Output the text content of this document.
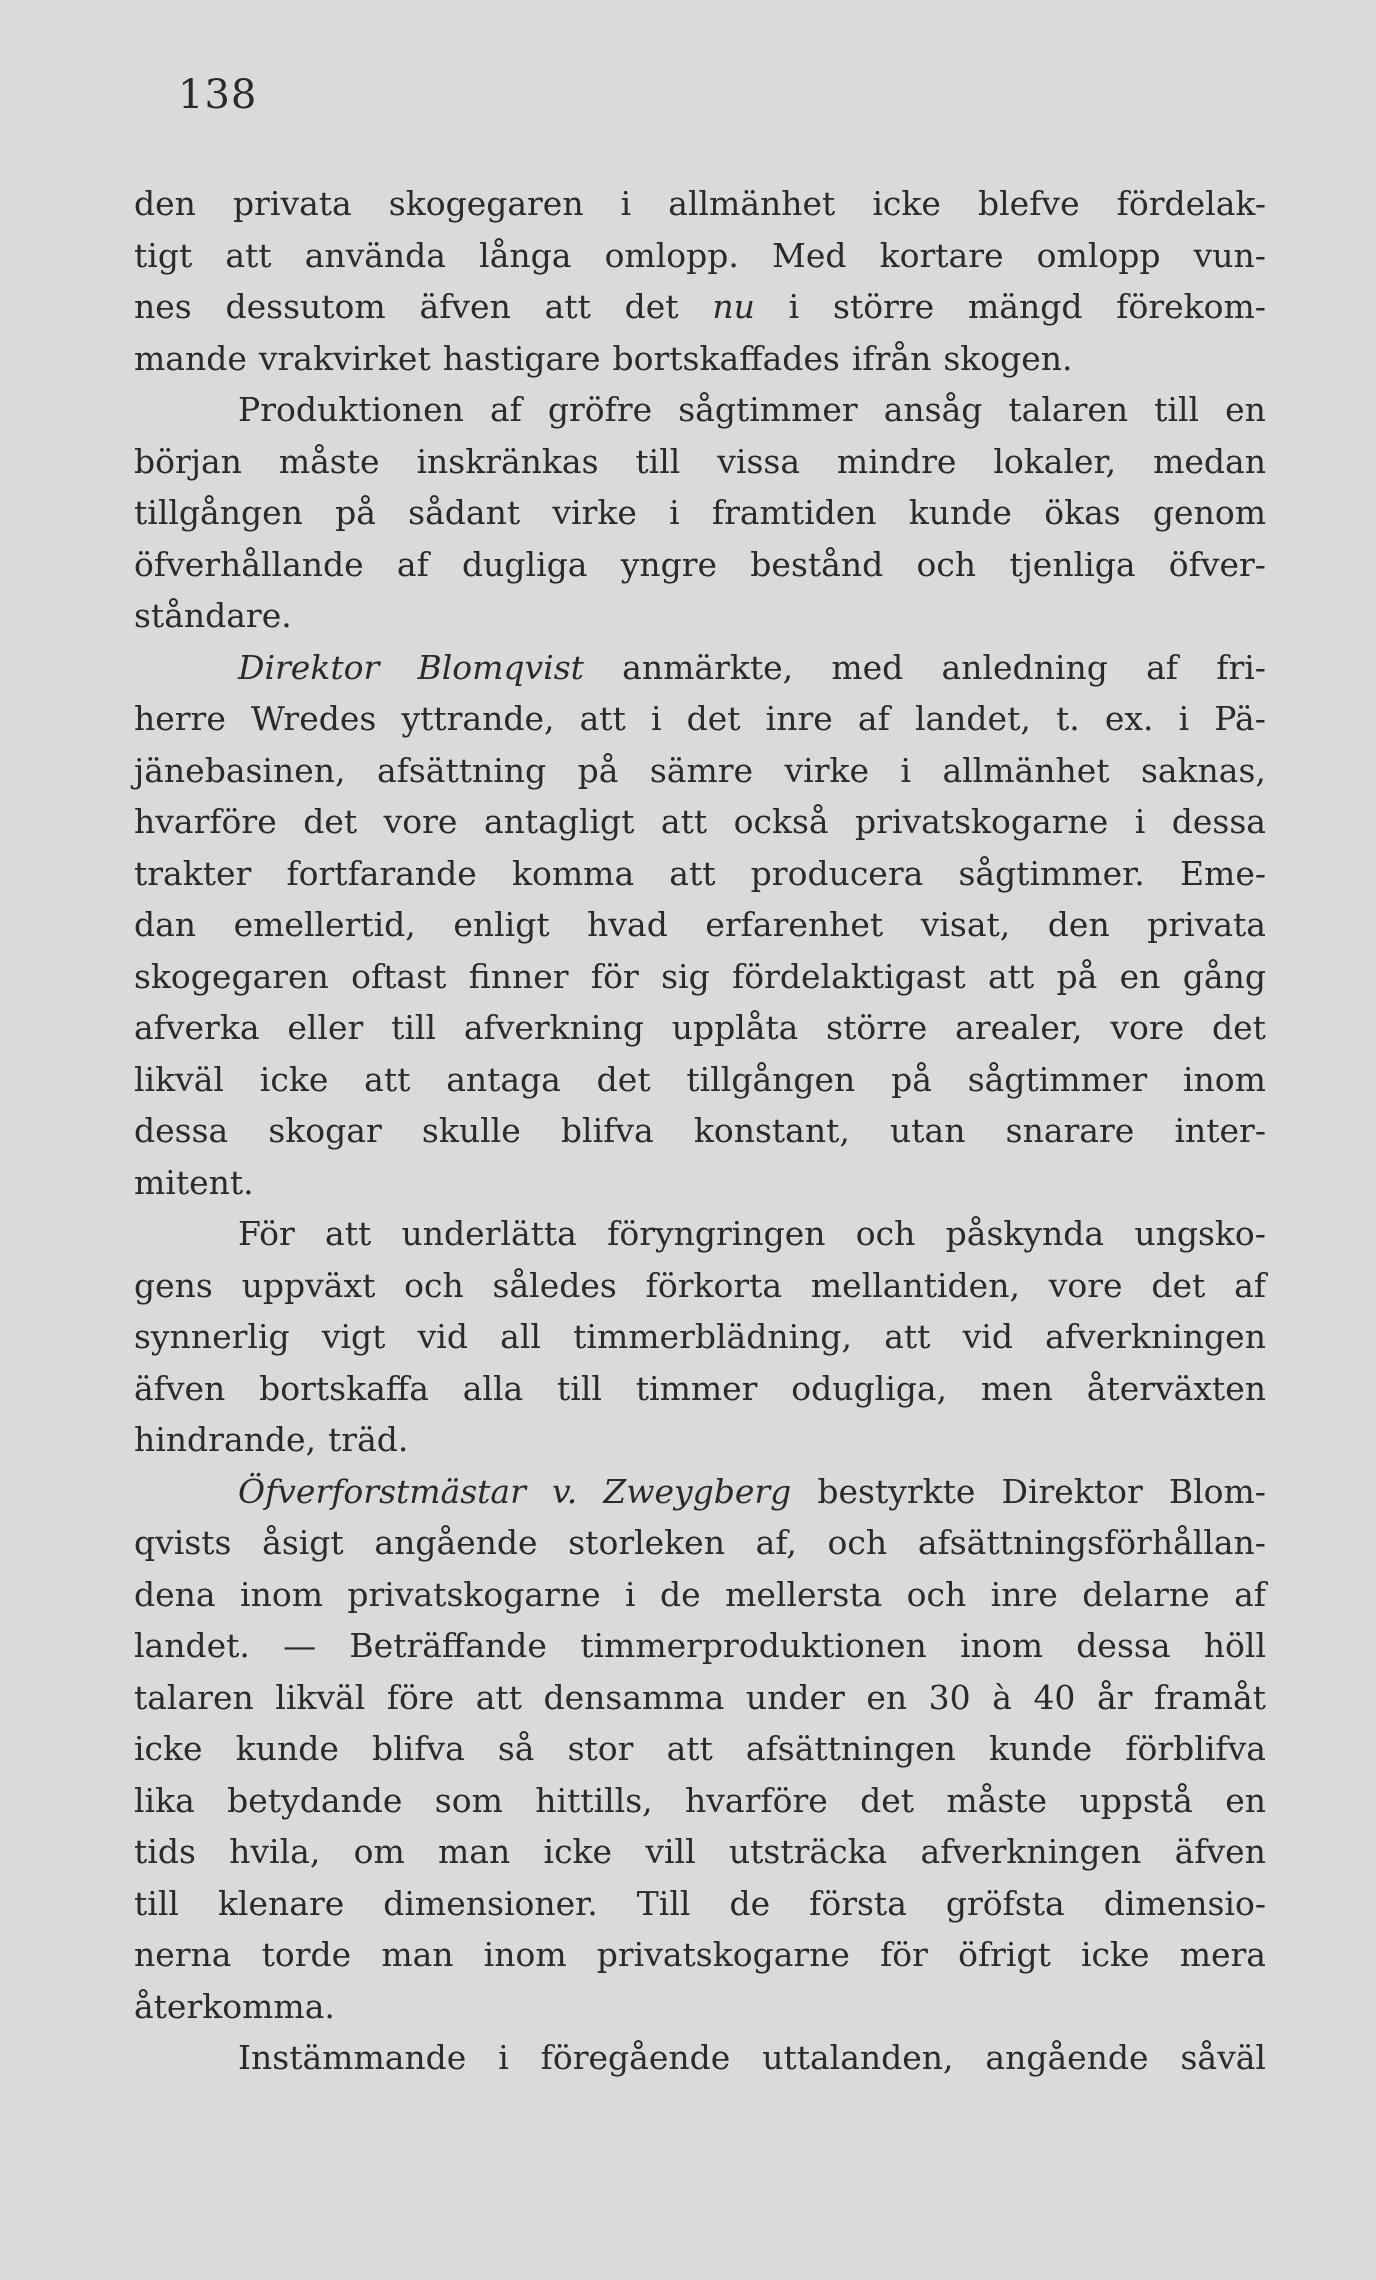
138
den privata skogegaren i allmänhet icke blefve fördelak-
tigt att använda långa omlopp. Med kortare omlopp vun-
nes dessutom äfven att det nu i större mängd förekom-
mande vrakvirket hastigare bortskaffades ifrån skogen.
Produktionen af gröfre sågtimmer ansåg talaren till en
början måste inskränkas till vissa mindre lokaler, medan
tillgången på sådant virke i framtiden kunde ökas genom
öfverhållande af dugliga yngre bestånd och tjenliga öfver-
ståndare.
Direktor Blomqvist anmärkte, med anledning af fri-
herre Wredes yttrande, att i det inre af landet, t. ex. i Pä-
jänebasinen, afsättning på sämre virke i allmänhet saknas,
hvarföre det vore antagligt att också privatskogarne i dessa
trakter fortfarande komma att producera sågtimmer. Eme-
dan emellertid, enligt hvad erfarenhet visat, den privata
skogegaren oftast finner för sig fördelaktigast att på en gång
afverka eller till afverkning upplåta större arealer, vore det
likväl icke att antaga det tillgången på sågtimmer inom
dessa skogar skulle blifva konstant, utan snarare inter-
mitent.
För att underlätta föryngringen och påskynda ungsko-
gens uppväxt och således förkorta mellantiden, vore det af
synnerlig vigt vid all timmerblädning, att vid afverkningen
äfven bortskaffa alla till timmer odugliga, men återväxten
hindrande, träd.
Öfverforstmästar v. Zweygberg bestyrkte Direktor Blom-
qvists åsigt angående storleken af, och afsättningsförhållan-
dena inom privatskogarne i de mellersta och inre delarne af
landet. — Beträffande timmerproduktionen inom dessa höll
talaren likväl före att densamma under en 30 à 40 år framåt
icke kunde blifva så stor att afsättningen kunde förblifva
lika betydande som hittills, hvarföre det måste uppstå en
tids hvila, om man icke vill utsträcka afverkningen äfven
till klenare dimensioner. Till de första gröfsta dimensio-
nerna torde man inom privatskogarne för öfrigt icke mera
återkomma.
Instämmande i föregående uttalanden, angående såväl
